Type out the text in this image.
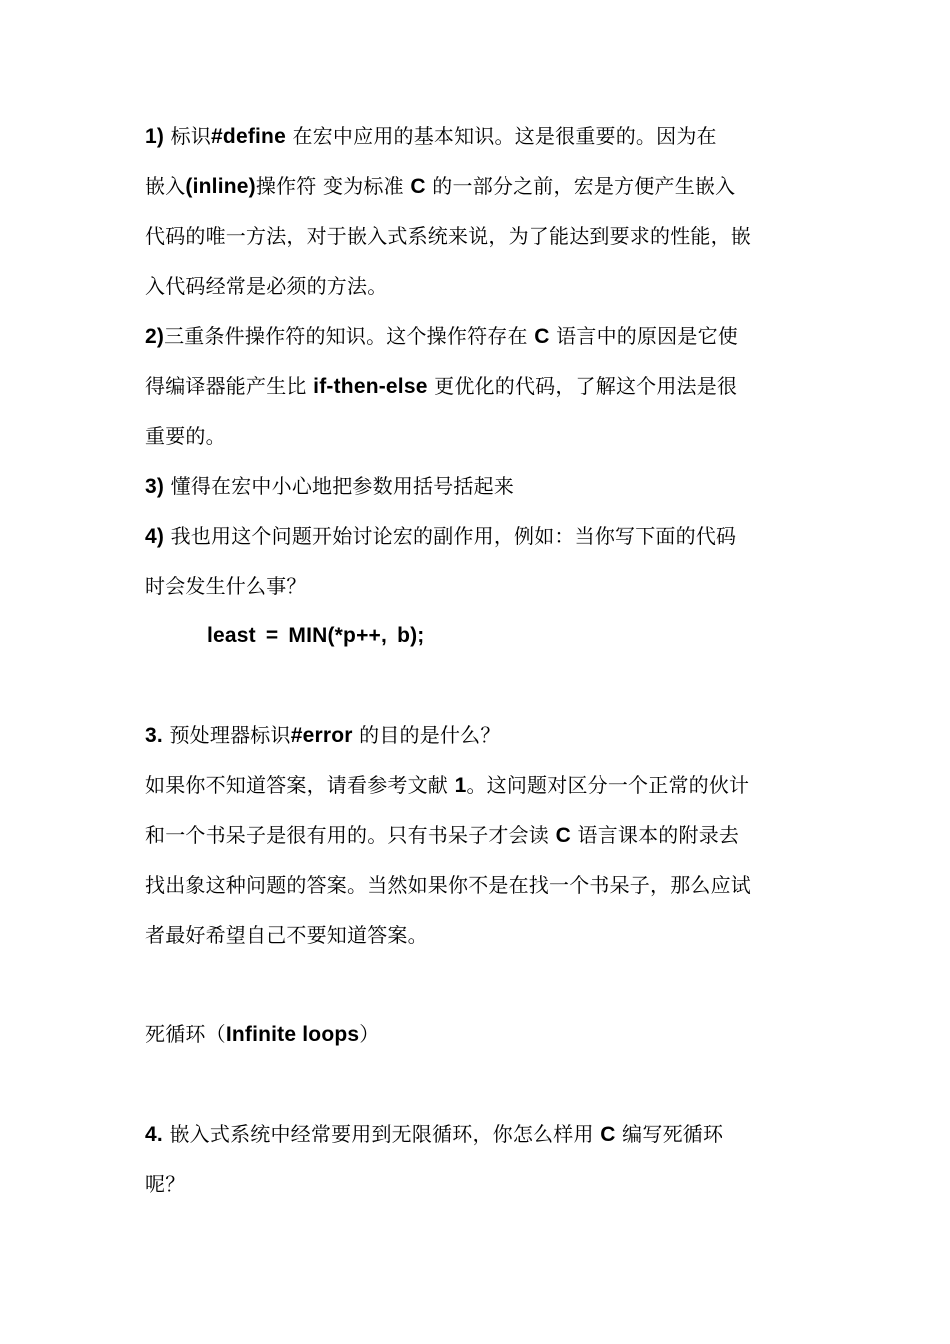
1) 标识#define 在宏中应用的基本知识。这是很重要的。因为在
嵌入(inline)操作符 变为标准 C 的一部分之前，宏是方便产生嵌入
代码的唯一方法，对于嵌入式系统来说，为了能达到要求的性能，嵌
入代码经常是必须的方法。
2)三重条件操作符的知识。这个操作符存在 C 语言中的原因是它使
得编译器能产生比 if-then-else 更优化的代码，了解这个用法是很
重要的。
3) 懂得在宏中小心地把参数用括号括起来
4) 我也用这个问题开始讨论宏的副作用，例如：当你写下面的代码
时会发生什么事？
least = MIN(*p++, b);
3. 预处理器标识#error 的目的是什么？
如果你不知道答案，请看参考文献 1。这问题对区分一个正常的伙计
和一个书呆子是很有用的。只有书呆子才会读 C 语言课本的附录去
找出象这种问题的答案。当然如果你不是在找一个书呆子，那么应试
者最好希望自己不要知道答案。
死循环（Infinite loops）
4. 嵌入式系统中经常要用到无限循环，你怎么样用 C 编写死循环
呢？
